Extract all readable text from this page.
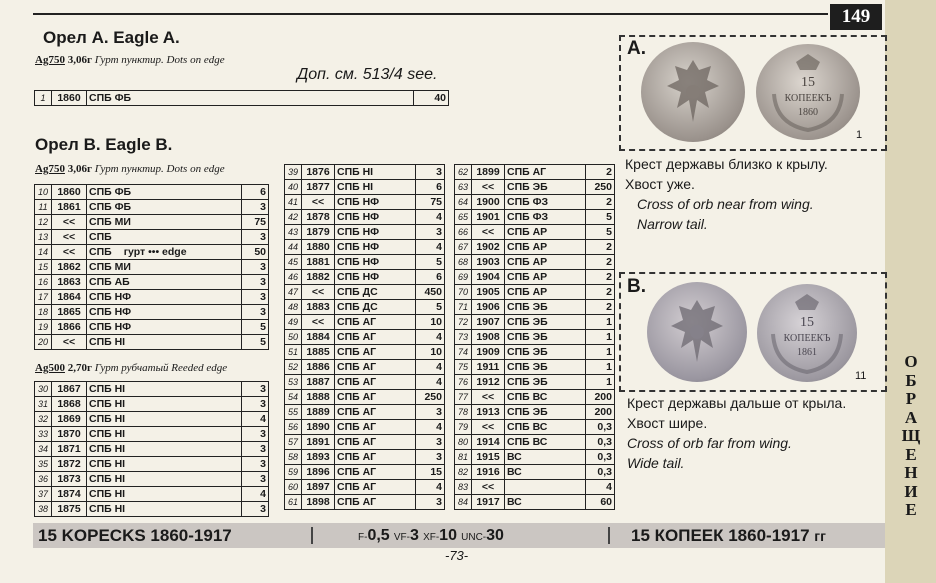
149
О
Б
Р
А
Щ
Е
Н
И
Е
Орел А. Eagle A.
Ag750 3,06г Гурт пунктир. Dots on edge
Доп. см. 513/4 see.
1	1860	СПБ ФБ	40
Орел В. Eagle B.
Ag750 3,06г Гурт пунктир. Dots on edge
10	1860	СПБ ФБ	6
11	1861	СПБ ФБ	3
12	<<	СПБ МИ	75
13	<<	СПБ	3
14	<<	СПБ гурт ••• edge	50
15	1862	СПБ МИ	3
16	1863	СПБ АБ	3
17	1864	СПБ НФ	3
18	1865	СПБ НФ	3
19	1866	СПБ НФ	5
20	<<	СПБ НI	5
Ag500 2,70г Гурт рубчатый Reeded edge
30	1867	СПБ НI	3
31	1868	СПБ НI	3
32	1869	СПБ НI	4
33	1870	СПБ НI	3
34	1871	СПБ НI	3
35	1872	СПБ НI	3
36	1873	СПБ НI	3
37	1874	СПБ НI	4
38	1875	СПБ НI	3
39	1876	СПБ НI	3
40	1877	СПБ НI	6
41	<<	СПБ НФ	75
42	1878	СПБ НФ	4
43	1879	СПБ НФ	3
44	1880	СПБ НФ	4
45	1881	СПБ НФ	5
46	1882	СПБ НФ	6
47	<<	СПБ ДС	450
48	1883	СПБ ДС	5
49	<<	СПБ АГ	10
50	1884	СПБ АГ	4
51	1885	СПБ АГ	10
52	1886	СПБ АГ	4
53	1887	СПБ АГ	4
54	1888	СПБ АГ	250
55	1889	СПБ АГ	3
56	1890	СПБ АГ	4
57	1891	СПБ АГ	3
58	1893	СПБ АГ	3
59	1896	СПБ АГ	15
60	1897	СПБ АГ	4
61	1898	СПБ АГ	3
62	1899	СПБ АГ	2
63	<<	СПБ ЭБ	250
64	1900	СПБ ФЗ	2
65	1901	СПБ ФЗ	5
66	<<	СПБ АР	5
67	1902	СПБ АР	2
68	1903	СПБ АР	2
69	1904	СПБ АР	2
70	1905	СПБ АР	2
71	1906	СПБ ЭБ	2
72	1907	СПБ ЭБ	1
73	1908	СПБ ЭБ	1
74	1909	СПБ ЭБ	1
75	1911	СПБ ЭБ	1
76	1912	СПБ ЭБ	1
77	<<	СПБ ВС	200
78	1913	СПБ ЭБ	200
79	<<	СПБ ВС	0,3
80	1914	СПБ ВС	0,3
81	1915	ВС	0,3
82	1916	ВС	0,3
83	<<		4
84	1917	ВС	60
A.
15
КОПЕЕКЪ
1860
1
Крест державы близко к крылу.
Хвост уже.
Cross of orb near from wing.
Narrow tail.
B.
15
КОПЕЕКЪ
1861
11
Крест державы дальше от крыла.
Хвост шире.
Cross of orb far from wing.
Wide tail.
15 KOPECKS 1860-1917	F-0,5 VF-3 XF-10 UNC-30	15 КОПЕЕК 1860-1917 гг
-73-
